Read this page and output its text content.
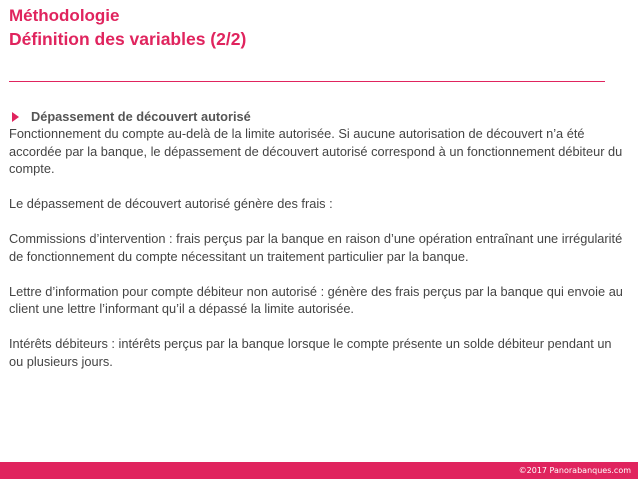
Méthodologie
Définition des variables (2/2)
Dépassement de découvert autorisé

Fonctionnement du compte au-delà de la limite autorisée. Si aucune autorisation de découvert n’a été accordée par la banque, le dépassement de découvert autorisé correspond à un fonctionnement débiteur du compte.

Le dépassement de découvert autorisé génère des frais :

Commissions d’intervention : frais perçus par la banque en raison d’une opération entraînant une irrégularité de fonctionnement du compte nécessitant un traitement particulier par la banque.

Lettre d’information pour compte débiteur non autorisé : génère des frais perçus par la banque qui envoie au client une lettre l’informant qu’il a dépassé la limite autorisée.

Intérêts débiteurs : intérêts perçus par la banque lorsque le compte présente un solde débiteur pendant un ou plusieurs jours.

©2017 Panorabanques.com
